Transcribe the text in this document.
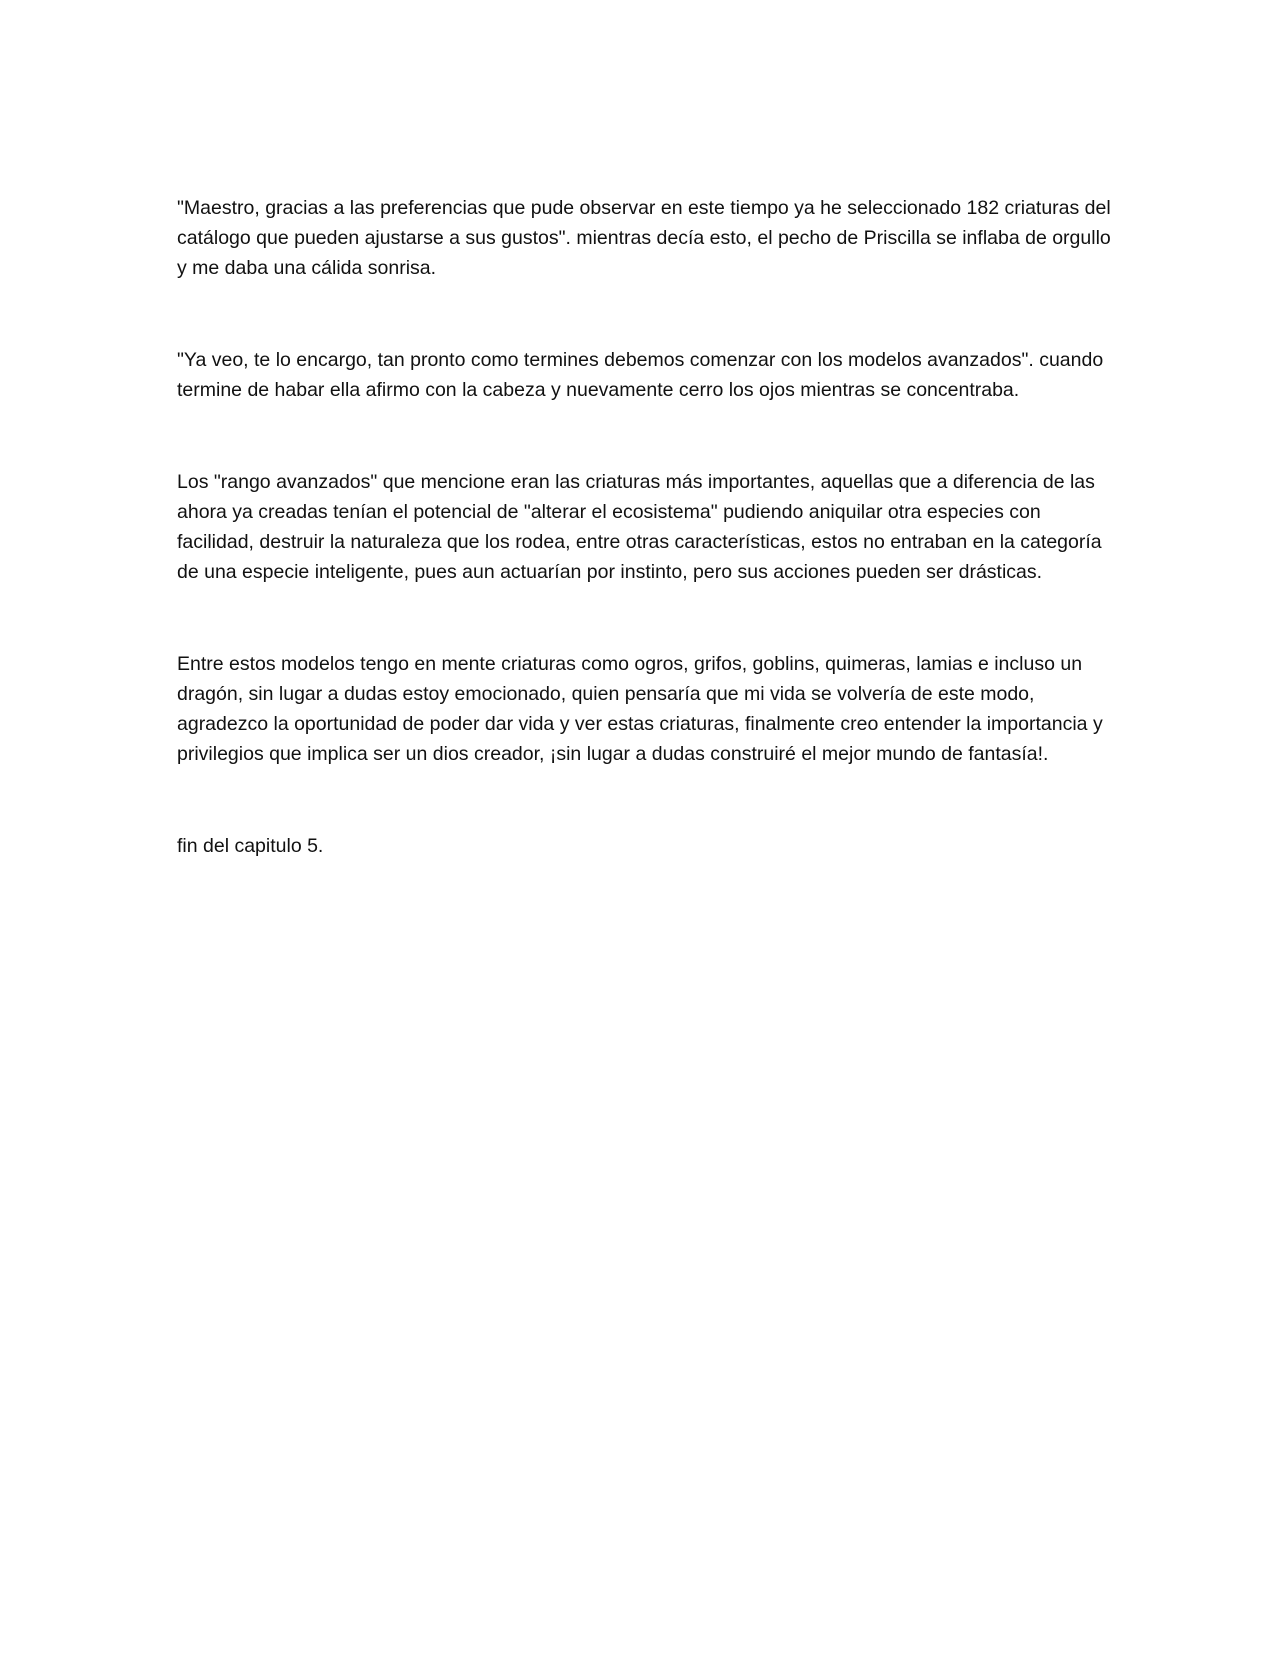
"Maestro, gracias a las preferencias que pude observar en este tiempo ya he seleccionado 182 criaturas del catálogo que pueden ajustarse a sus gustos". mientras decía esto, el pecho de Priscilla se inflaba de orgullo y me daba una cálida sonrisa.

"Ya veo, te lo encargo, tan pronto como termines debemos comenzar con los modelos avanzados". cuando termine de habar ella afirmo con la cabeza y nuevamente cerro los ojos mientras se concentraba.

Los "rango avanzados" que mencione eran las criaturas más importantes, aquellas que a diferencia de las ahora ya creadas tenían el potencial de "alterar el ecosistema" pudiendo aniquilar otra especies con facilidad, destruir la naturaleza que los rodea, entre otras características, estos no entraban en la categoría de una especie inteligente, pues aun actuarían por instinto, pero sus acciones pueden ser drásticas.

Entre estos modelos tengo en mente criaturas como ogros, grifos, goblins, quimeras, lamias e incluso un dragón, sin lugar a dudas estoy emocionado, quien pensaría que mi vida se volvería de este modo, agradezco la oportunidad de poder dar vida y ver estas criaturas, finalmente creo entender la importancia y privilegios que implica ser un dios creador, ¡sin lugar a dudas construiré el mejor mundo de fantasía!.

fin del capitulo 5.
